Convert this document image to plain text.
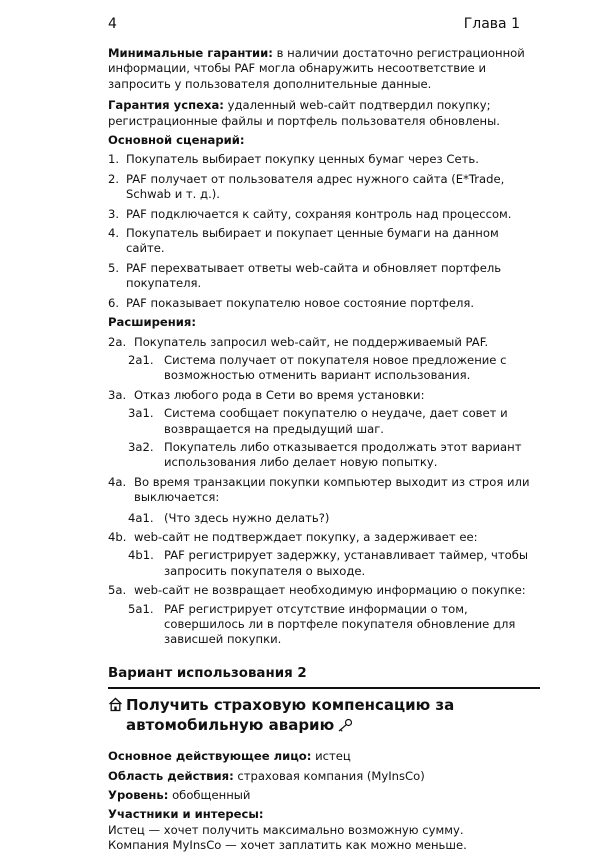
4	Глава 1

Минимальные гарантии: в наличии достаточно регистрационной информации, чтобы PAF могла обнаружить несоответствие и запросить у пользователя дополнительные данные.

Гарантия успеха: удаленный web-сайт подтвердил покупку; регистрационные файлы и портфель пользователя обновлены.

Основной сценарий:

1. Покупатель выбирает покупку ценных бумаг через Сеть.
2. PAF получает от пользователя адрес нужного сайта (E*Trade, Schwab и т. д.).
3. PAF подключается к сайту, сохраняя контроль над процессом.
4. Покупатель выбирает и покупает ценные бумаги на данном сайте.
5. PAF перехватывает ответы web-сайта и обновляет портфель покупателя.
6. PAF показывает покупателю новое состояние портфеля.

Расширения:

2a. Покупатель запросил web-сайт, не поддерживаемый PAF.
2a1. Система получает от покупателя новое предложение с возможностью отменить вариант использования.
3a. Отказ любого рода в Сети во время установки:
3a1. Система сообщает покупателю о неудаче, дает совет и возвращается на предыдущий шаг.
3a2. Покупатель либо отказывается продолжать этот вариант использования либо делает новую попытку.
4a. Во время транзакции покупки компьютер выходит из строя или выключается:
4a1. (Что здесь нужно делать?)
4b. web-сайт не подтверждает покупку, а задерживает ее:
4b1. PAF регистрирует задержку, устанавливает таймер, чтобы запросить покупателя о выходе.
5a. web-сайт не возвращает необходимую информацию о покупке:
5a1. PAF регистрирует отсутствие информации о том, совершилось ли в портфеле покупателя обновление для зависшей покупки.

Вариант использования 2

Получить страховую компенсацию за автомобильную аварию

Основное действующее лицо: истец

Область действия: страховая компания (MyInsCo)

Уровень: обобщенный

Участники и интересы:

Истец — хочет получить максимально возможную сумму.

Компания MyInsCo — хочет заплатить как можно меньше.
